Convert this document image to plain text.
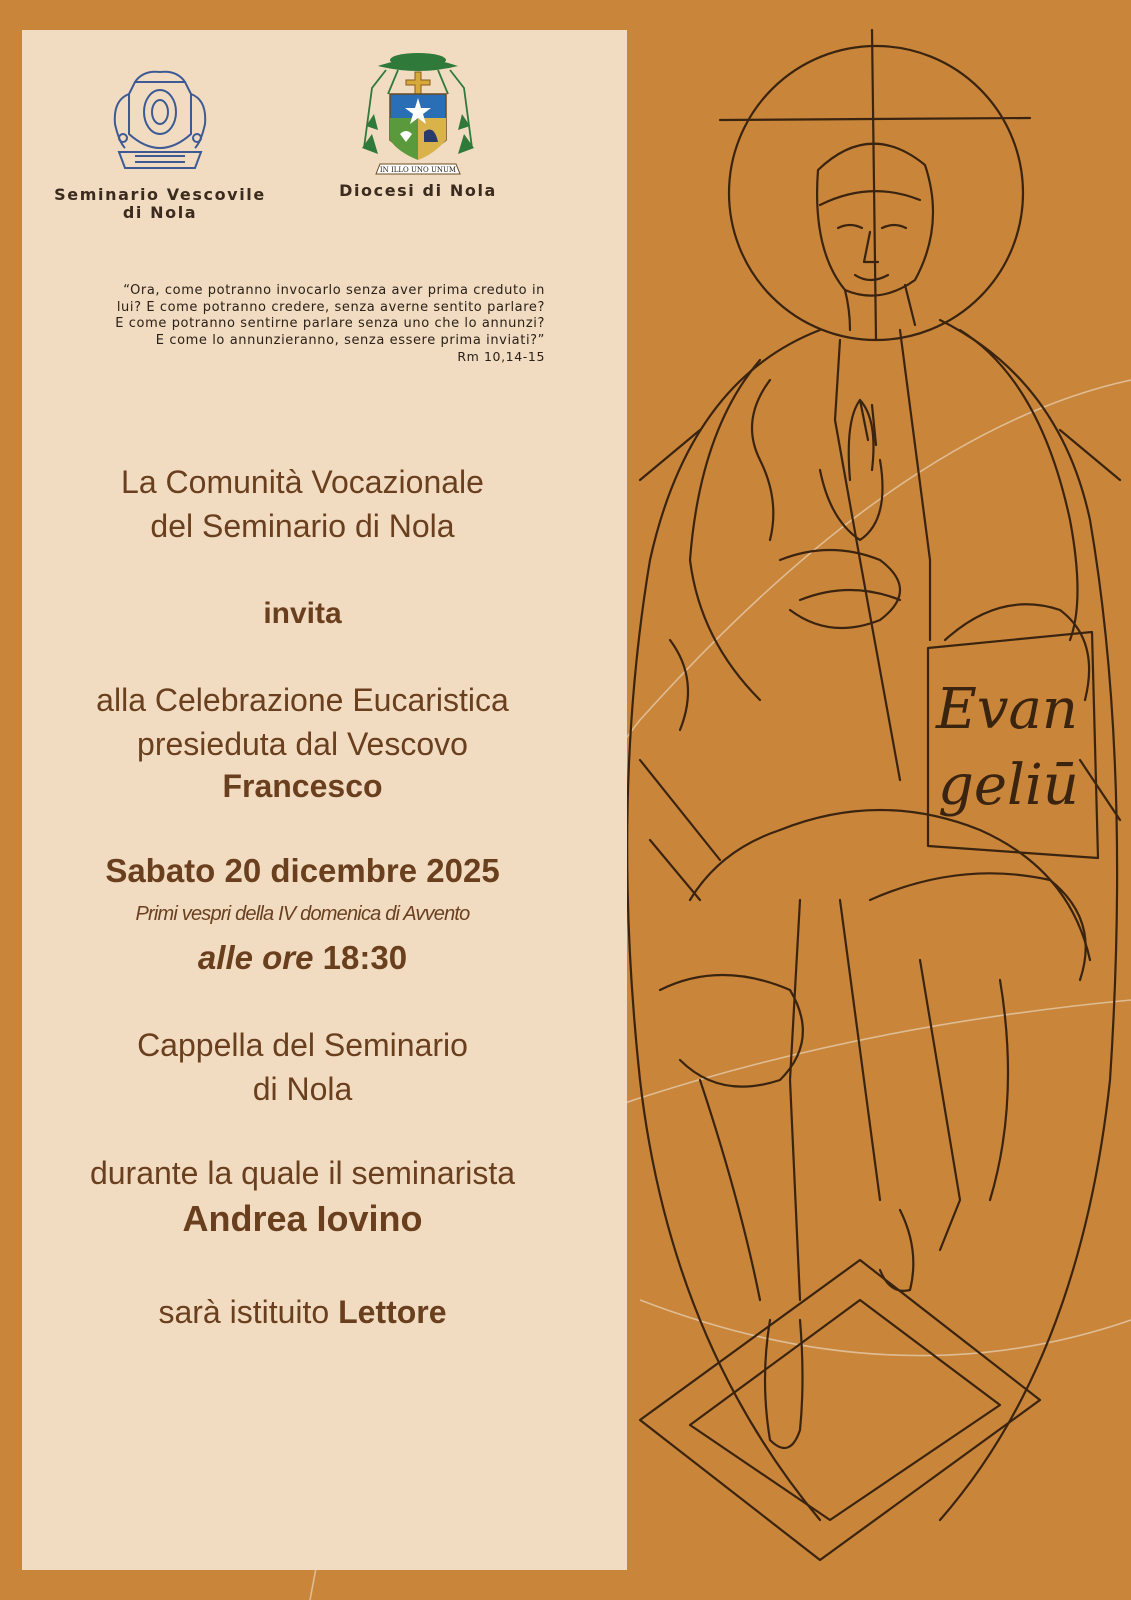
Evan
geliū
Seminario Vescovile
di Nola
IN ILLO UNO UNUM
Diocesi di Nola
“Ora, come potranno invocarlo senza aver prima creduto in
lui? E come potranno credere, senza averne sentito parlare?
E come potranno sentirne parlare senza uno che lo annunzi?
E come lo annunzieranno, senza essere prima inviati?”
Rm 10,14-15
La Comunità Vocazionale
del Seminario di Nola
invita
alla Celebrazione Eucaristica
presieduta dal Vescovo
Francesco
Sabato 20 dicembre 2025
Primi vespri della IV domenica di Avvento
alle ore 18:30
Cappella del Seminario
di Nola
durante la quale il seminarista
Andrea Iovino
sarà istituito Lettore
